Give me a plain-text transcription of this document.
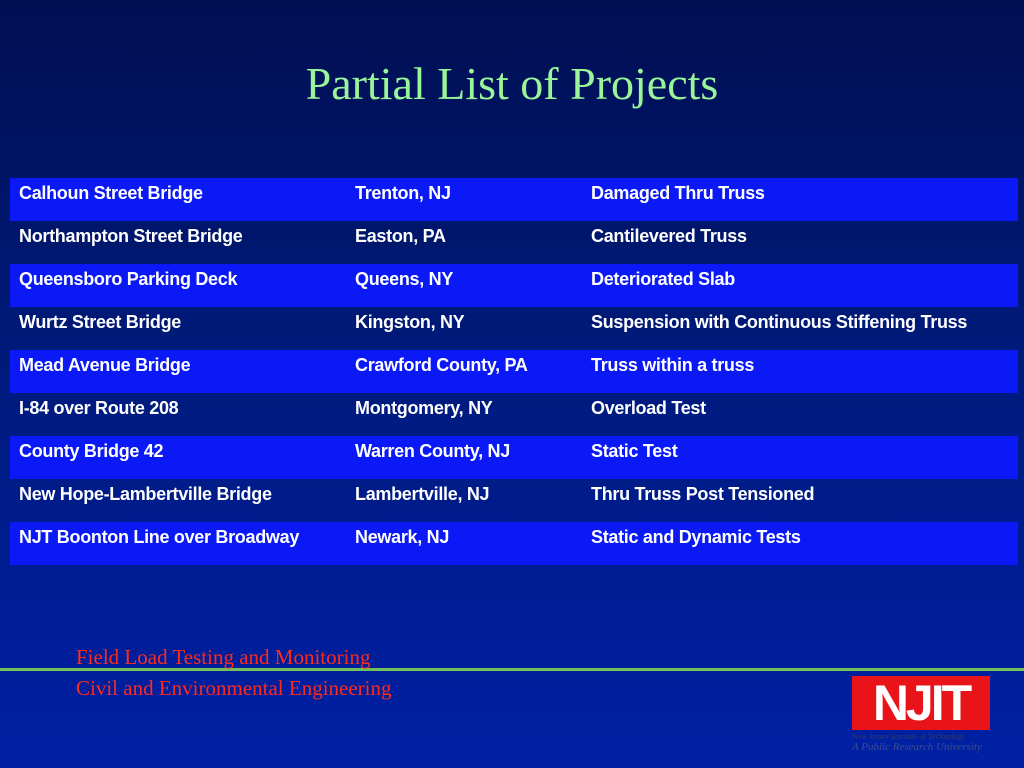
Partial List of Projects
Calhoun Street Bridge	Trenton, NJ	Damaged Thru Truss
Northampton Street Bridge	Easton, PA	Cantilevered Truss
Queensboro Parking Deck	Queens, NY	Deteriorated Slab
Wurtz Street Bridge	Kingston, NY	Suspension with Continuous Stiffening Truss
Mead Avenue Bridge	Crawford County, PA	Truss within a truss
I-84 over Route 208	Montgomery, NY	Overload Test
County Bridge 42	Warren County, NJ	Static Test
New Hope-Lambertville Bridge	Lambertville, NJ	Thru Truss Post Tensioned
NJT Boonton Line over Broadway	Newark, NJ	Static and Dynamic Tests
Field Load Testing and Monitoring
Civil and Environmental Engineering	NJIT
New Jersey Institute of Technology
A Public Research University
